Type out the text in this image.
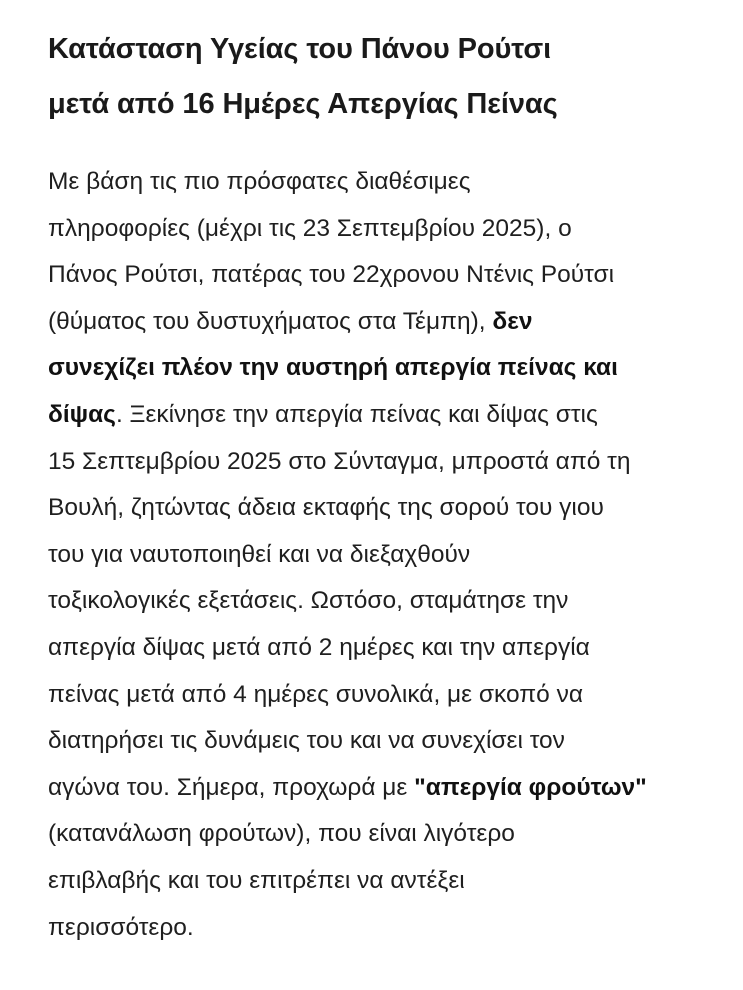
Κατάσταση Υγείας του Πάνου Ρούτσι
μετά από 16 Ημέρες Απεργίας Πείνας

Με βάση τις πιο πρόσφατες διαθέσιμες
πληροφορίες (μέχρι τις 23 Σεπτεμβρίου 2025), ο
Πάνος Ρούτσι, πατέρας του 22χρονου Ντένις Ρούτσι
(θύματος του δυστυχήματος στα Τέμπη), δεν
συνεχίζει πλέον την αυστηρή απεργία πείνας και
δίψας. Ξεκίνησε την απεργία πείνας και δίψας στις
15 Σεπτεμβρίου 2025 στο Σύνταγμα, μπροστά από τη
Βουλή, ζητώντας άδεια εκταφής της σορού του γιου
του για ναυτοποιηθεί και να διεξαχθούν
τοξικολογικές εξετάσεις. Ωστόσο, σταμάτησε την
απεργία δίψας μετά από 2 ημέρες και την απεργία
πείνας μετά από 4 ημέρες συνολικά, με σκοπό να
διατηρήσει τις δυνάμεις του και να συνεχίσει τον
αγώνα του. Σήμερα, προχωρά με "απεργία φρούτων"
(κατανάλωση φρούτων), που είναι λιγότερο
επιβλαβής και του επιτρέπει να αντέξει
περισσότερο.
